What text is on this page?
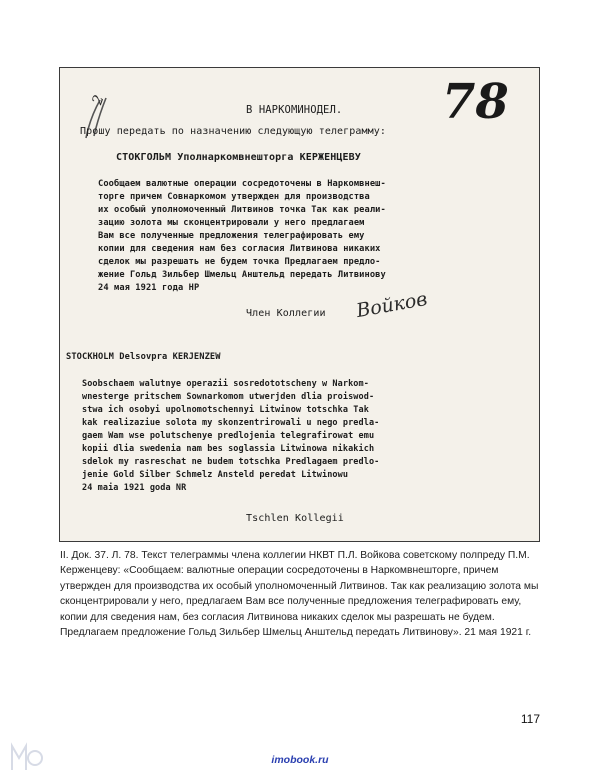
2	78
В НАРКОМИНОДЕЛ.
Прошу передать по назначению следующую телеграмму:
СТОКГОЛЬМ Уполнаркомвнешторга КЕРЖЕНЦЕВУ
Сообщаем валютные операции сосредоточены в Наркомвнеш-
торге причем Совнаркомом утвержден для производства
их особый уполномоченный Литвинов точка Так как реали-
зацию золота мы сконцентрировали у него предлагаем
Вам все полученные предложения телеграфировать ему
копии для сведения нам без согласия Литвинова никаких
сделок мы разрешать не будем точка Предлагаем предло-
жение Гольд Зильбер Шмельц Анштельд передать Литвинову
24 мая 1921 года НР
Член Коллегии Войков
STOCKHOLM Delsovpra KERJENZEW
Soobschaem walutnye operazii sosredototscheny w Narkom-
wnesterge pritschem Sownarkomom utwerjden dlia proiswod-
stwa ich osobyi upolnomotschennyi Litwinow totschka Tak
kak realizaziue solota my skonzentrirowali u nego predla-
gaem Wam wse polutschenye predlojenia telegrafirowat emu
kopii dlia swedenia nam bes soglassia Litwinowa nikakich
sdelok my rasreschat ne budem totschka Predlagaem predlo-
jenie Gold Silber Schmelz Ansteld peredat Litwinowu
24 maia 1921 goda NR
Tschlen Kollegii
II. Док. 37. Л. 78. Текст телеграммы члена коллегии НКВТ П.Л. Войкова советскому полпреду П.М. Керженцеву: «Сообщаем: валютные операции сосредоточены в Наркомвнешторге, причем утвержден для производства их особый уполномоченный Литвинов. Так как реализацию золота мы сконцентрировали у него, предлагаем Вам все полученные предложения телеграфировать ему, копии для сведения нам, без согласия Литвинова никаких сделок мы разрешать не будем. Предлагаем предложение Гольд Зильбер Шмельц Анштельд передать Литвинову». 21 мая 1921 г.
117
imobook.ru
